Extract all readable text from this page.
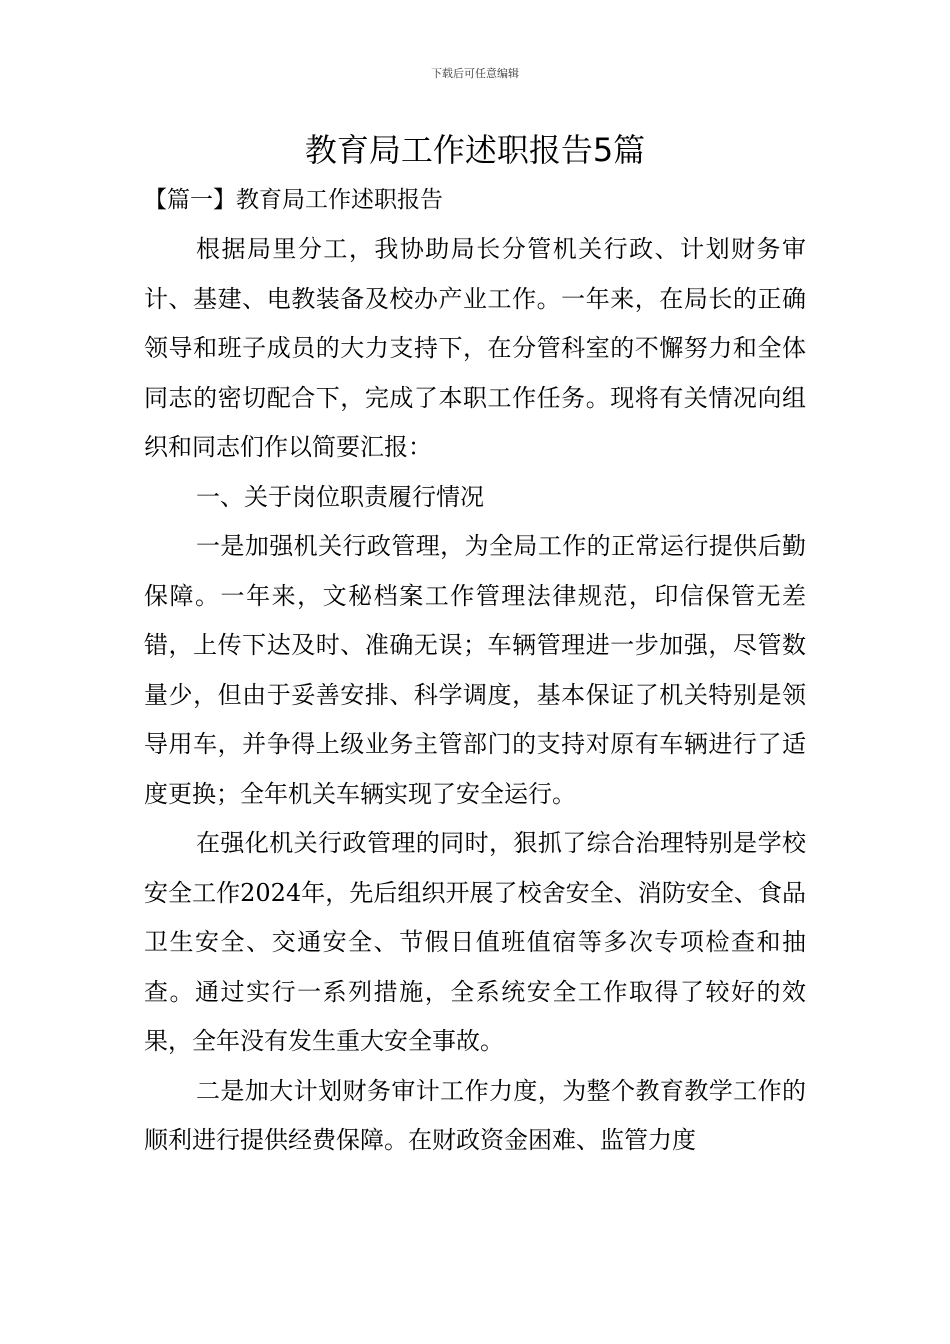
下载后可任意编辑
教育局工作述职报告5篇
【篇一】教育局工作述职报告

根据局里分工，我协助局长分管机关行政、计划财务审计、基建、电教装备及校办产业工作。一年来，在局长的正确领导和班子成员的大力支持下，在分管科室的不懈努力和全体同志的密切配合下，完成了本职工作任务。现将有关情况向组织和同志们作以简要汇报：

一、关于岗位职责履行情况

一是加强机关行政管理，为全局工作的正常运行提供后勤保障。一年来，文秘档案工作管理法律规范，印信保管无差错，上传下达及时、准确无误；车辆管理进一步加强，尽管数量少，但由于妥善安排、科学调度，基本保证了机关特别是领导用车，并争得上级业务主管部门的支持对原有车辆进行了适度更换；全年机关车辆实现了安全运行。

在强化机关行政管理的同时，狠抓了综合治理特别是学校安全工作2024年，先后组织开展了校舍安全、消防安全、食品卫生安全、交通安全、节假日值班值宿等多次专项检查和抽查。通过实行一系列措施，全系统安全工作取得了较好的效果，全年没有发生重大安全事故。

二是加大计划财务审计工作力度，为整个教育教学工作的顺利进行提供经费保障。在财政资金困难、监管力度
